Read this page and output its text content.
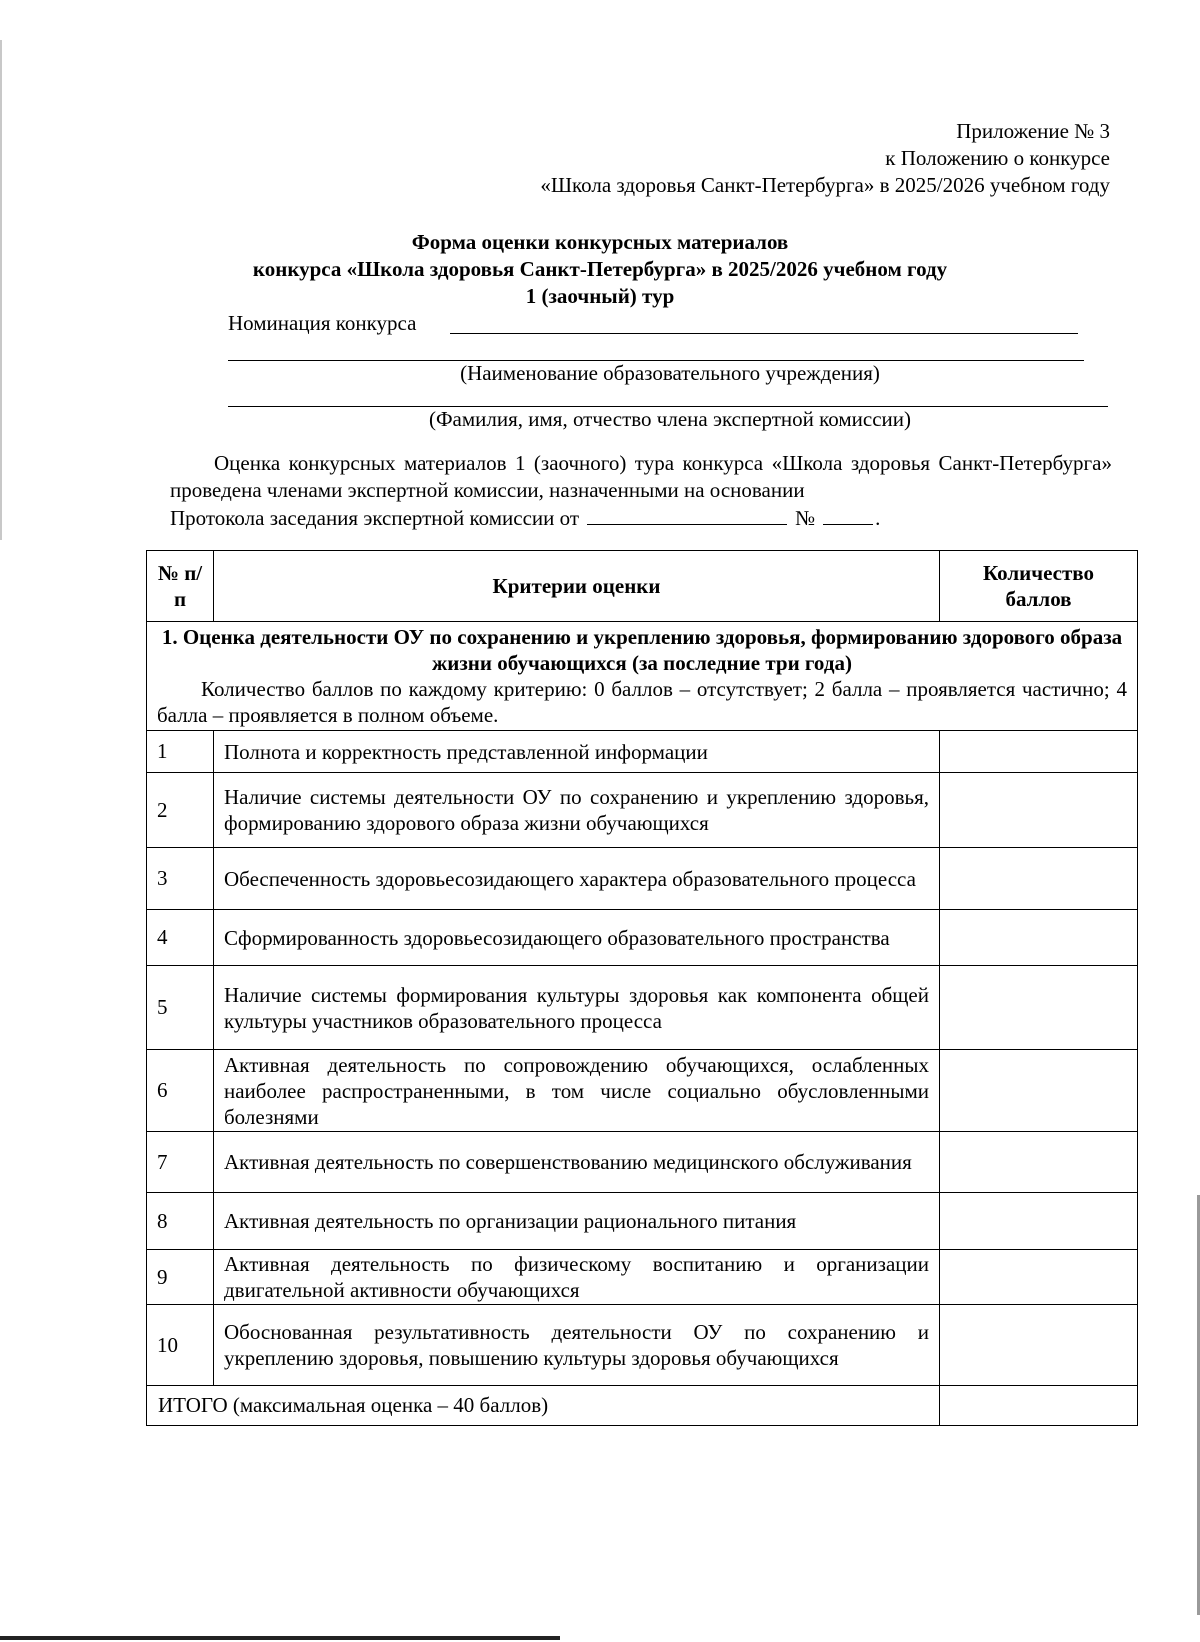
Приложение № 3
к Положению о конкурсе
«Школа здоровья Санкт-Петербурга» в 2025/2026 учебном году
Форма оценки конкурсных материалов
конкурса «Школа здоровья Санкт-Петербурга» в 2025/2026 учебном году
1 (заочный) тур
Номинация конкурса
(Наименование образовательного учреждения)
(Фамилия, имя, отчество члена экспертной комиссии)
Оценка конкурсных материалов 1 (заочного) тура конкурса «Школа здоровья Санкт-Петербурга» проведена членами экспертной комиссии, назначенными на основании
Протокола заседания экспертной комиссии от	№	.
№ п/п	Критерии оценки	Количество баллов

1. Оценка деятельности ОУ по сохранению и укреплению здоровья, формированию здорового образа жизни обучающихся (за последние три года)
Количество баллов по каждому критерию: 0 баллов – отсутствует; 2 балла – проявляется частично; 4 балла – проявляется в полном объеме.		

1	Полнота и корректность представленной информации	
2	Наличие системы деятельности ОУ по сохранению и укреплению здоровья, формированию здорового образа жизни обучающихся	
3	Обеспеченность здоровьесозидающего характера образовательного процесса	
4	Сформированность здоровьесозидающего образовательного пространства	
5	Наличие системы формирования культуры здоровья как компонента общей культуры участников образовательного процесса	
6	Активная деятельность по сопровождению обучающихся, ослабленных наиболее распространенными, в том числе социально обусловленными болезнями	
7	Активная деятельность по совершенствованию медицинского обслуживания	
8	Активная деятельность по организации рационального питания	
9	Активная деятельность по физическому воспитанию и организации двигательной активности обучающихся	
10	Обоснованная результативность деятельности ОУ по сохранению и укреплению здоровья, повышению культуры здоровья обучающихся	
ИТОГО (максимальная оценка – 40 баллов)		
